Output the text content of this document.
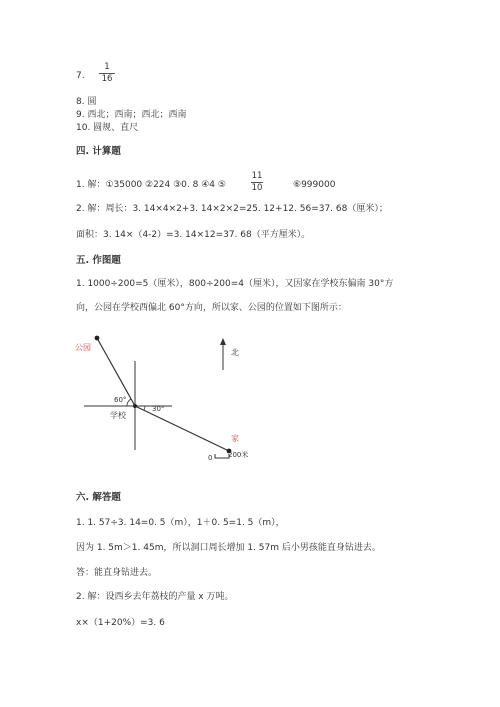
7.
1
16
8. 圆
9. 西北；西南；西北；西南
10. 圆规、直尺
四. 计算题
1. 解：①35000 ②224 ③0. 8 ④4 ⑤
11
10	⑥999000
2. 解：周长：3. 14×4×2+3. 14×2×2=25. 12+12. 56=37. 68（厘米）；
面积：3. 14×（4-2）=3. 14×12=37. 68（平方厘米）。
五. 作图题
1. 1000÷200=5（厘米），800÷200=4（厘米），又因家在学校东偏南 30°方
向，公园在学校西偏北 60°方向，所以家、公园的位置如下图所示：
公园
60°
30°
学校
家
北
0 200米
六. 解答题
1. 1. 57÷3. 14=0. 5（m），1＋0. 5=1. 5（m），
因为 1. 5m＞1. 45m，所以洞口周长增加 1. 57m 后小男孩能直身钻进去。
答：能直身钻进去。
2. 解：设西乡去年荔枝的产量 x 万吨。
x×（1+20%）=3. 6
